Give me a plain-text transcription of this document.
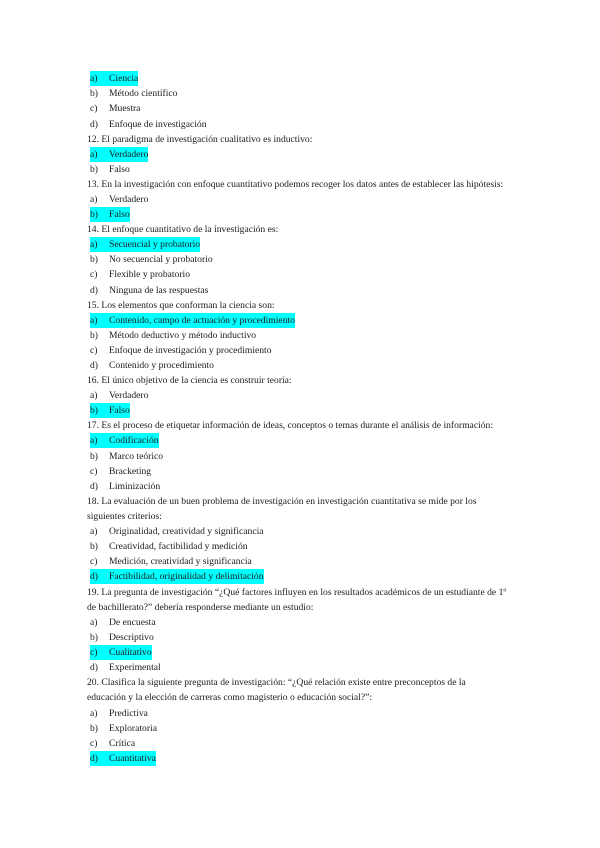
a) Ciencia
b) Método científico
c) Muestra
d) Enfoque de investigación
12. El paradigma de investigación cualitativo es inductivo:
a) Verdadero
b) Falso
13. En la investigación con enfoque cuantitativo podemos recoger los datos antes de establecer las hipótesis:
a) Verdadero
b) Falso
14. El enfoque cuantitativo de la investigación es:
a) Secuencial y probatorio
b) No secuencial y probatorio
c) Flexible y probatorio
d) Ninguna de las respuestas
15. Los elementos que conforman la ciencia son:
a) Contenido, campo de actuación y procedimiento
b) Método deductivo y método inductivo
c) Enfoque de investigación y procedimiento
d) Contenido y procedimiento
16. El único objetivo de la ciencia es construir teoría:
a) Verdadero
b) Falso
17. Es el proceso de etiquetar información de ideas, conceptos o temas durante el análisis de información:
a) Codificación
b) Marco teórico
c) Bracketing
d) Liminización
18. La evaluación de un buen problema de investigación en investigación cuantitativa se mide por los siguientes criterios:
a) Originalidad, creatividad y significancia
b) Creatividad, factibilidad y medición
c) Medición, creatividad y significancia
d) Factibilidad, originalidad y delimitación
19. La pregunta de investigación “¿Qué factores influyen en los resultados académicos de un estudiante de 1º de bachillerato?” debería responderse mediante un estudio:
a) De encuesta
b) Descriptivo
c) Cualitativo
d) Experimental
20. Clasifica la siguiente pregunta de investigación: “¿Qué relación existe entre preconceptos de la educación y la elección de carreras como magisterio o educación social?”:
a) Predictiva
b) Exploratoria
c) Crítica
d) Cuantitativa
